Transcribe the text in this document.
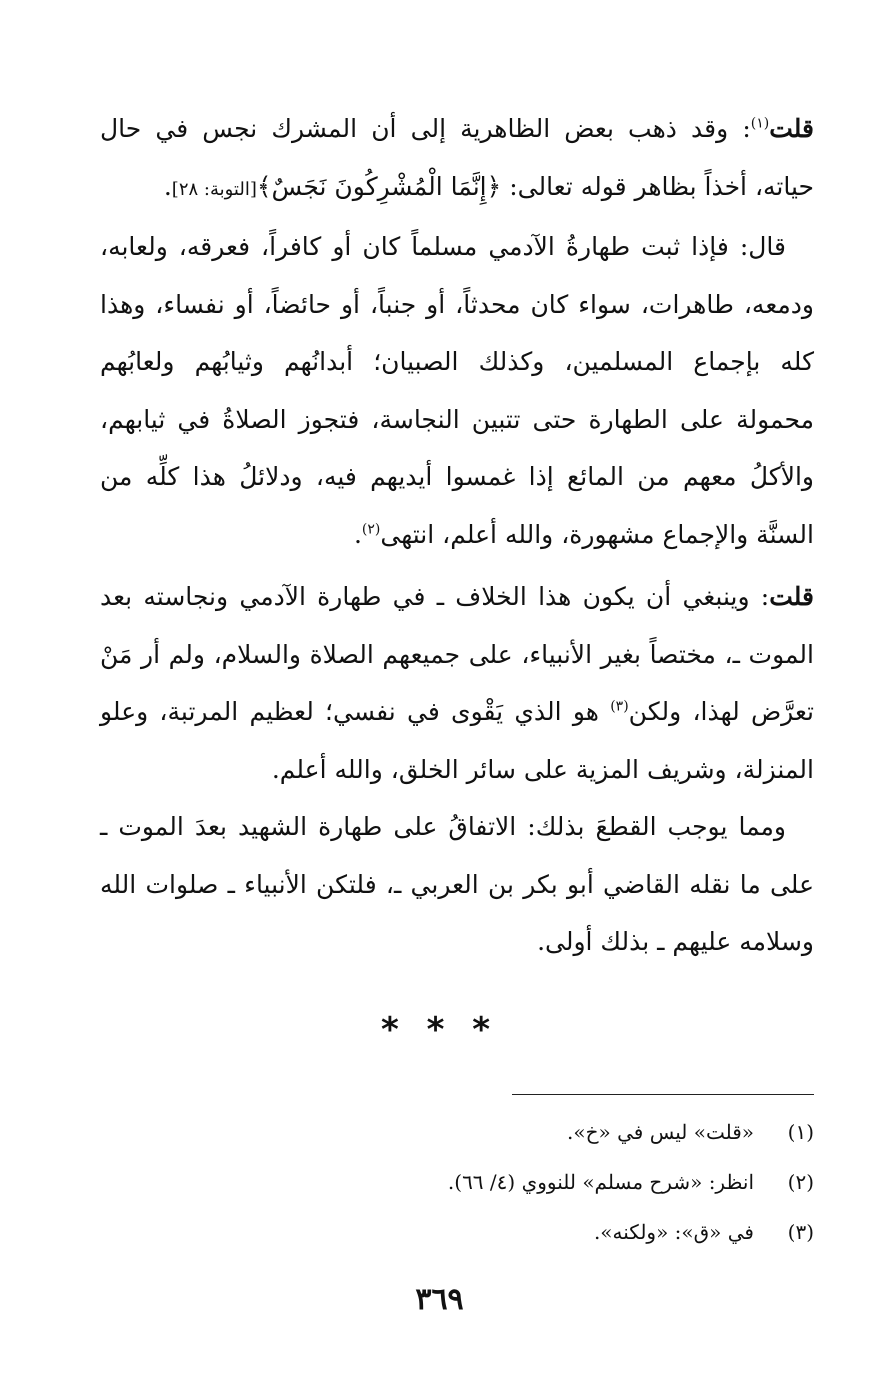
قلت$^{(١)}$: وقد ذهب بعض الظاهرية إلى أن المشرك نجس في حال حياته، أخذاً بظاهر قوله تعالى: ﴿إِنَّمَا الْمُشْرِكُونَ نَجَسٌ﴾[التوبة: ٢٨].

قال: فإذا ثبت طهارةُ الآدمي مسلماً كان أو كافراً، فعرقه، ولعابه، ودمعه، طاهرات، سواء كان محدثاً، أو جنباً، أو حائضاً، أو نفساء، وهذا كله بإجماع المسلمين، وكذلك الصبيان؛ أبدانُهم وثيابُهم ولعابُهم محمولة على الطهارة حتى تتبين النجاسة، فتجوز الصلاةُ في ثيابهم، والأكلُ معهم من المائع إذا غمسوا أيديهم فيه، ودلائلُ هذا كلِّه من السنَّة والإجماع مشهورة، والله أعلم، انتهى$^{(٢)}$.

قلت: وينبغي أن يكون هذا الخلاف ـ في طهارة الآدمي ونجاسته بعد الموت ـ، مختصاً بغير الأنبياء، على جميعهم الصلاة والسلام، ولم أر مَنْ تعرَّض لهذا، ولكن$^{(٣)}$ هو الذي يَقْوى في نفسي؛ لعظيم المرتبة، وعلو المنزلة، وشريف المزية على سائر الخلق، والله أعلم.

ومما يوجب القطعَ بذلك: الاتفاقُ على طهارة الشهيد بعدَ الموت ـ على ما نقله القاضي أبو بكر بن العربي ـ، فلتكن الأنبياء ـ صلوات الله وسلامه عليهم ـ بذلك أولى.

* * *
(١)
«قلت» ليس في «خ».
(٢)
انظر: «شرح مسلم» للنووي (٤/ ٦٦).
(٣)
في «ق»: «ولكنه».
٣٦٩
